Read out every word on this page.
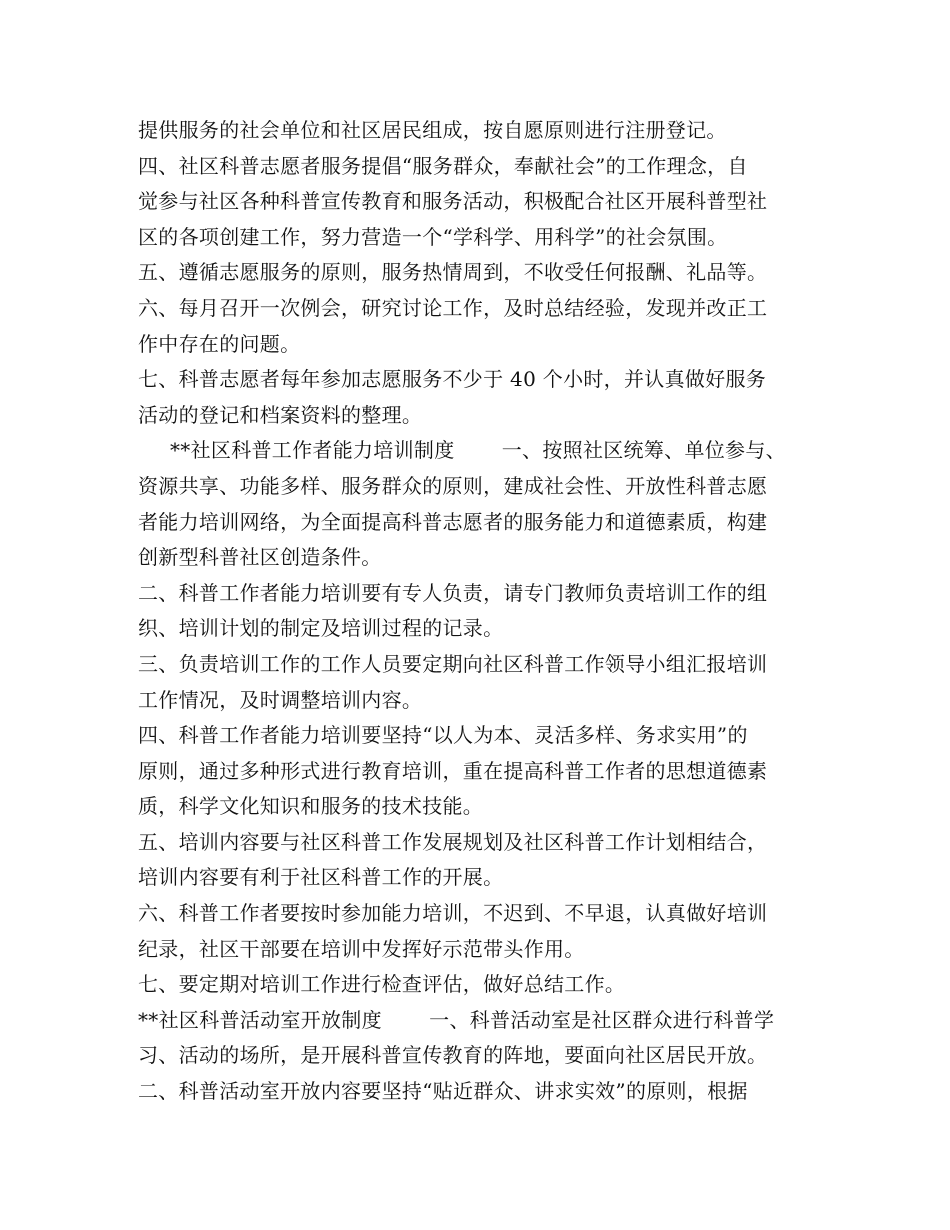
提供服务的社会单位和社区居民组成，按自愿原则进行注册登记。

四、社区科普志愿者服务提倡“服务群众，奉献社会”的工作理念，自
觉参与社区各种科普宣传教育和服务活动，积极配合社区开展科普型社
区的各项创建工作，努力营造一个“学科学、用科学”的社会氛围。

五、遵循志愿服务的原则，服务热情周到，不收受任何报酬、礼品等。

六、每月召开一次例会，研究讨论工作，及时总结经验，发现并改正工
作中存在的问题。

七、科普志愿者每年参加志愿服务不少于 40 个小时，并认真做好服务
活动的登记和档案资料的整理。

**社区科普工作者能力培训制度　　 一、按照社区统筹、单位参与、
资源共享、功能多样、服务群众的原则，建成社会性、开放性科普志愿
者能力培训网络，为全面提高科普志愿者的服务能力和道德素质，构建
创新型科普社区创造条件。

二、科普工作者能力培训要有专人负责，请专门教师负责培训工作的组
织、培训计划的制定及培训过程的记录。

三、负责培训工作的工作人员要定期向社区科普工作领导小组汇报培训
工作情况，及时调整培训内容。

四、科普工作者能力培训要坚持“以人为本、灵活多样、务求实用”的
原则，通过多种形式进行教育培训，重在提高科普工作者的思想道德素
质，科学文化知识和服务的技术技能。

五、培训内容要与社区科普工作发展规划及社区科普工作计划相结合，
培训内容要有利于社区科普工作的开展。

六、科普工作者要按时参加能力培训，不迟到、不早退，认真做好培训
纪录，社区干部要在培训中发挥好示范带头作用。

七、要定期对培训工作进行检查评估，做好总结工作。

**社区科普活动室开放制度　　 一、科普活动室是社区群众进行科普学
习、活动的场所，是开展科普宣传教育的阵地，要面向社区居民开放。

二、科普活动室开放内容要坚持“贴近群众、讲求实效”的原则，根据
